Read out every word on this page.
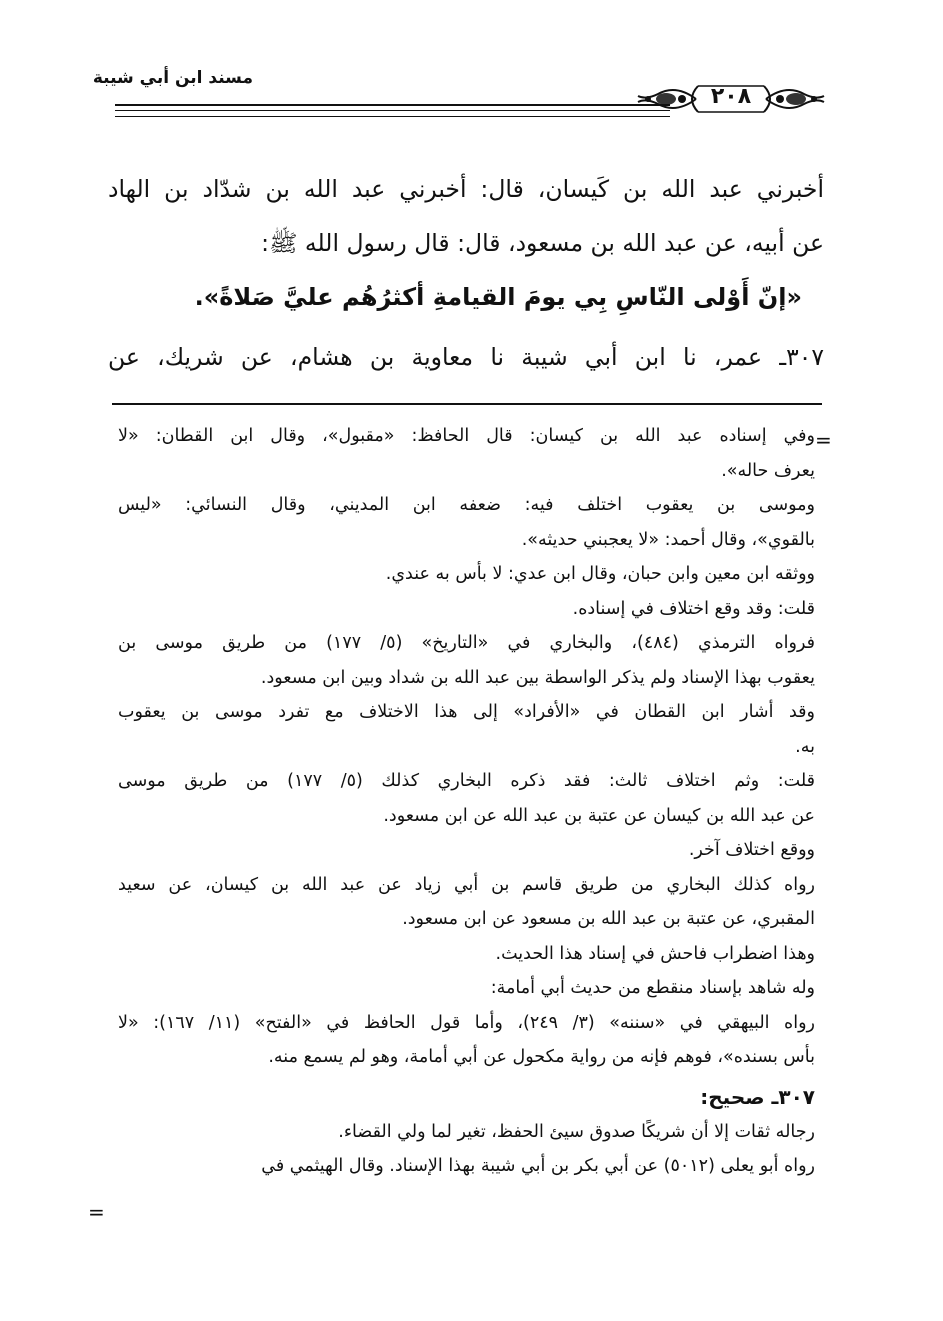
مسند ابن أبي شيبة
٢٠٨
أخبرني عبد الله بن كَيسان، قال: أخبرني عبد الله بن شدّاد بن الهاد
عن أبيه، عن عبد الله بن مسعود، قال: قال رسول الله ﷺ:
«إنّ أَوْلى النّاسِ بِي يومَ القيامةِ أكثرُهُم عليَّ صَلاةً».
٣٠٧ـ عمر، نا ابن أبي شيبة نا معاوية بن هشام، عن شريك، عن
=
وفي إسناده عبد الله بن كيسان: قال الحافظ: «مقبول»، وقال ابن القطان: «لا
يعرف حاله».
وموسى بن يعقوب اختلف فيه: ضعفه ابن المديني، وقال النسائي: «ليس
بالقوي»، وقال أحمد: «لا يعجبني حديثه».
ووثقه ابن معين وابن حبان، وقال ابن عدي: لا بأس به عندي.
قلت: وقد وقع اختلاف في إسناده.
فرواه الترمذي (٤٨٤)، والبخاري في «التاريخ» (٥/ ١٧٧) من طريق موسى بن
يعقوب بهذا الإسناد ولم يذكر الواسطة بين عبد الله بن شداد وبين ابن مسعود.
وقد أشار ابن القطان في «الأفراد» إلى هذا الاختلاف مع تفرد موسى بن يعقوب
به.
قلت: وثم اختلاف ثالث: فقد ذكره البخاري كذلك (٥/ ١٧٧) من طريق موسى
عن عبد الله بن كيسان عن عتبة بن عبد الله عن ابن مسعود.
ووقع اختلاف آخر.
رواه كذلك البخاري من طريق قاسم بن أبي زياد عن عبد الله بن كيسان، عن سعيد
المقبري، عن عتبة بن عبد الله بن مسعود عن ابن مسعود.
وهذا اضطراب فاحش في إسناد هذا الحديث.
وله شاهد بإسناد منقطع من حديث أبي أمامة:
رواه البيهقي في «سننه» (٣/ ٢٤٩)، وأما قول الحافظ في «الفتح» (١١/ ١٦٧): «لا
بأس بسنده»، فوهم فإنه من رواية مكحول عن أبي أمامة، وهو لم يسمع منه.
٣٠٧ـ صحيح:
رجاله ثقات إلا أن شريكًا صدوق سيئ الحفظ، تغير لما ولي القضاء.
رواه أبو يعلى (٥٠١٢) عن أبي بكر بن أبي شيبة بهذا الإسناد. وقال الهيثمي في
=
